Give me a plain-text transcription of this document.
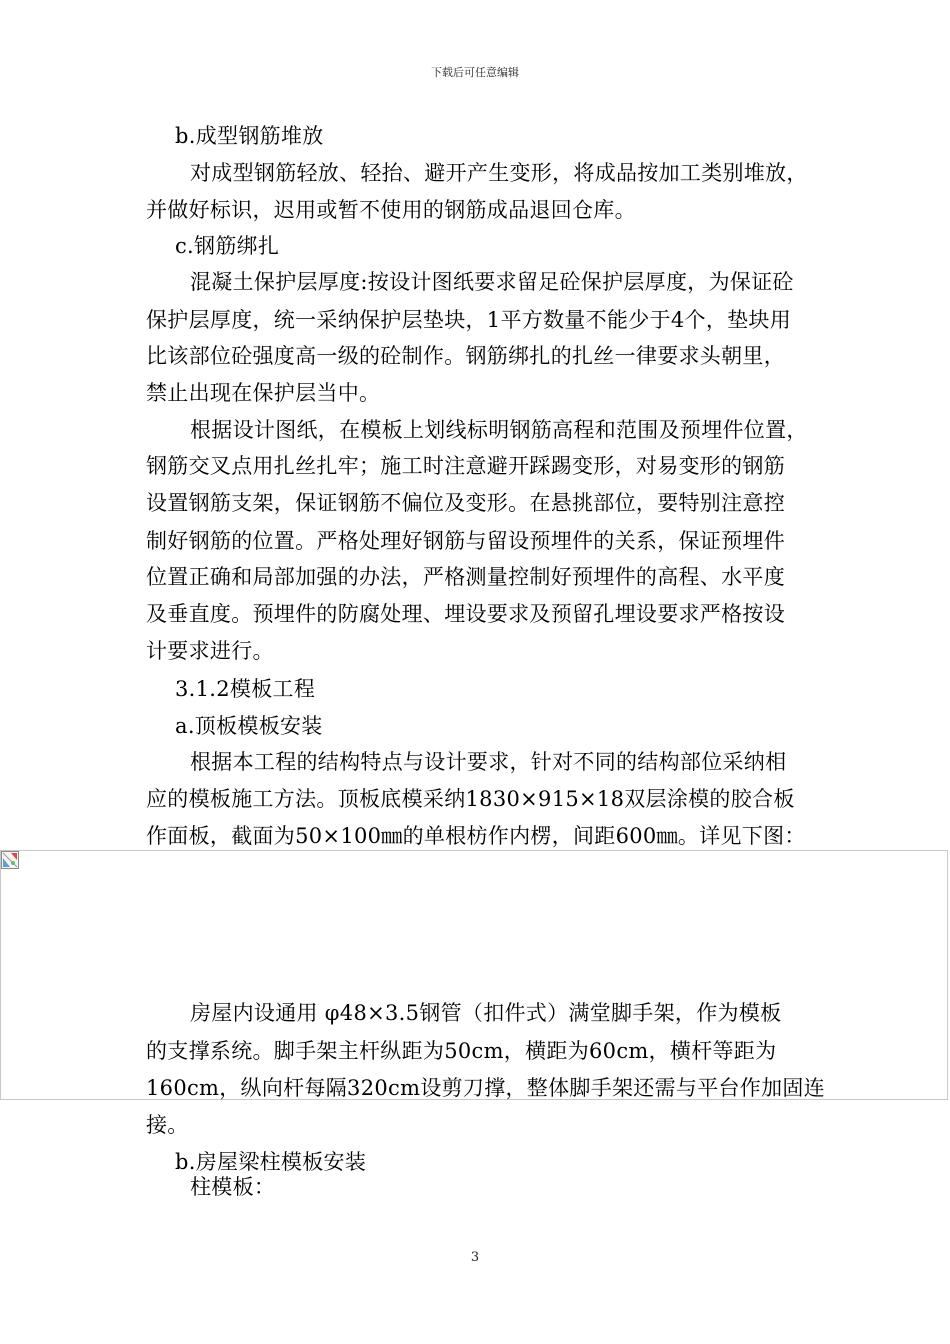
下载后可任意编辑
b.成型钢筋堆放
对成型钢筋轻放、轻抬、避开产生变形，将成品按加工类别堆放，
并做好标识，迟用或暂不使用的钢筋成品退回仓库。
c.钢筋绑扎
混凝土保护层厚度:按设计图纸要求留足砼保护层厚度，为保证砼
保护层厚度，统一采纳保护层垫块，1平方数量不能少于4个，垫块用
比该部位砼强度高一级的砼制作。钢筋绑扎的扎丝一律要求头朝里，
禁止出现在保护层当中。
根据设计图纸，在模板上划线标明钢筋高程和范围及预埋件位置，
钢筋交叉点用扎丝扎牢；施工时注意避开踩踢变形，对易变形的钢筋
设置钢筋支架，保证钢筋不偏位及变形。在悬挑部位，要特别注意控
制好钢筋的位置。严格处理好钢筋与留设预埋件的关系，保证预埋件
位置正确和局部加强的办法，严格测量控制好预埋件的高程、水平度
及垂直度。预埋件的防腐处理、埋设要求及预留孔埋设要求严格按设
计要求进行。
3.1.2模板工程
a.顶板模板安装
根据本工程的结构特点与设计要求，针对不同的结构部位采纳相
应的模板施工方法。顶板底模采纳1830×915×18双层涂模的胶合板
作面板，截面为50×100㎜的单根枋作内楞，间距600㎜。详见下图：
房屋内设通用 φ48×3.5钢管（扣件式）满堂脚手架，作为模板
的支撑系统。脚手架主杆纵距为50cm，横距为60cm，横杆等距为
160cm，纵向杆每隔320cm设剪刀撑，整体脚手架还需与平台作加固连
接。
b.房屋梁柱模板安装
柱模板：
3
